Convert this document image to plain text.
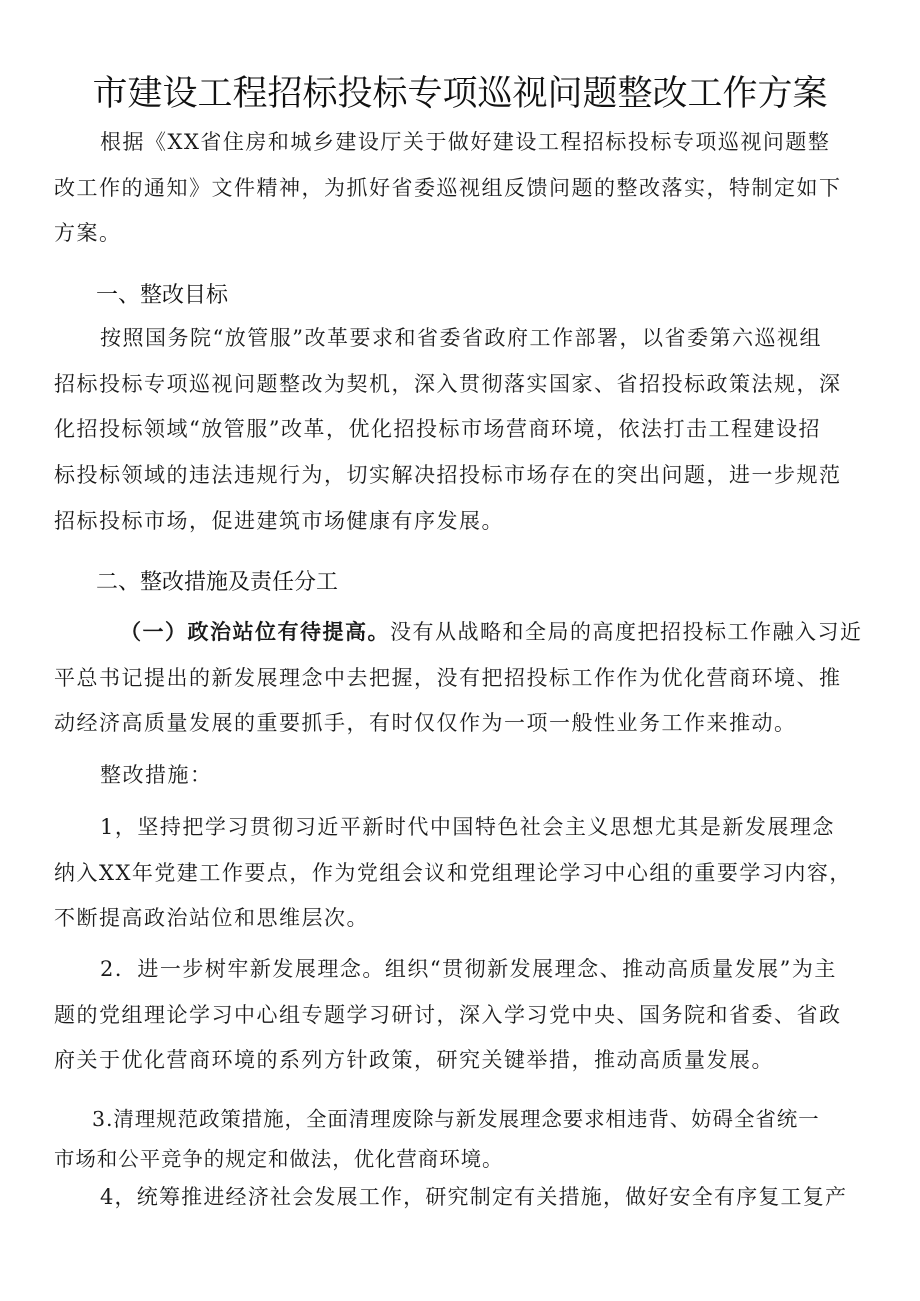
市建设工程招标投标专项巡视问题整改工作方案
根据《XX省住房和城乡建设厅关于做好建设工程招标投标专项巡视问题整
改工作的通知》文件精神，为抓好省委巡视组反馈问题的整改落实，特制定如下
方案。
一、整改目标
按照国务院“放管服”改革要求和省委省政府工作部署，以省委第六巡视组
招标投标专项巡视问题整改为契机，深入贯彻落实国家、省招投标政策法规，深
化招投标领域“放管服”改革，优化招投标市场营商环境，依法打击工程建设招
标投标领域的违法违规行为，切实解决招投标市场存在的突出问题，进一步规范
招标投标市场，促进建筑市场健康有序发展。
二、整改措施及责任分工
（一）政治站位有待提高。没有从战略和全局的高度把招投标工作融入习近
平总书记提出的新发展理念中去把握，没有把招投标工作作为优化营商环境、推
动经济高质量发展的重要抓手，有时仅仅作为一项一般性业务工作来推动。
整改措施：
1，坚持把学习贯彻习近平新时代中国特色社会主义思想尤其是新发展理念
纳入XX年党建工作要点，作为党组会议和党组理论学习中心组的重要学习内容，
不断提高政治站位和思维层次。
2．进一步树牢新发展理念。组织“贯彻新发展理念、推动高质量发展”为主
题的党组理论学习中心组专题学习研讨，深入学习党中央、国务院和省委、省政
府关于优化营商环境的系列方针政策，研究关键举措，推动高质量发展。
3.清理规范政策措施，全面清理废除与新发展理念要求相违背、妨碍全省统一
市场和公平竞争的规定和做法，优化营商环境。
4，统筹推进经济社会发展工作，研究制定有关措施，做好安全有序复工复产
